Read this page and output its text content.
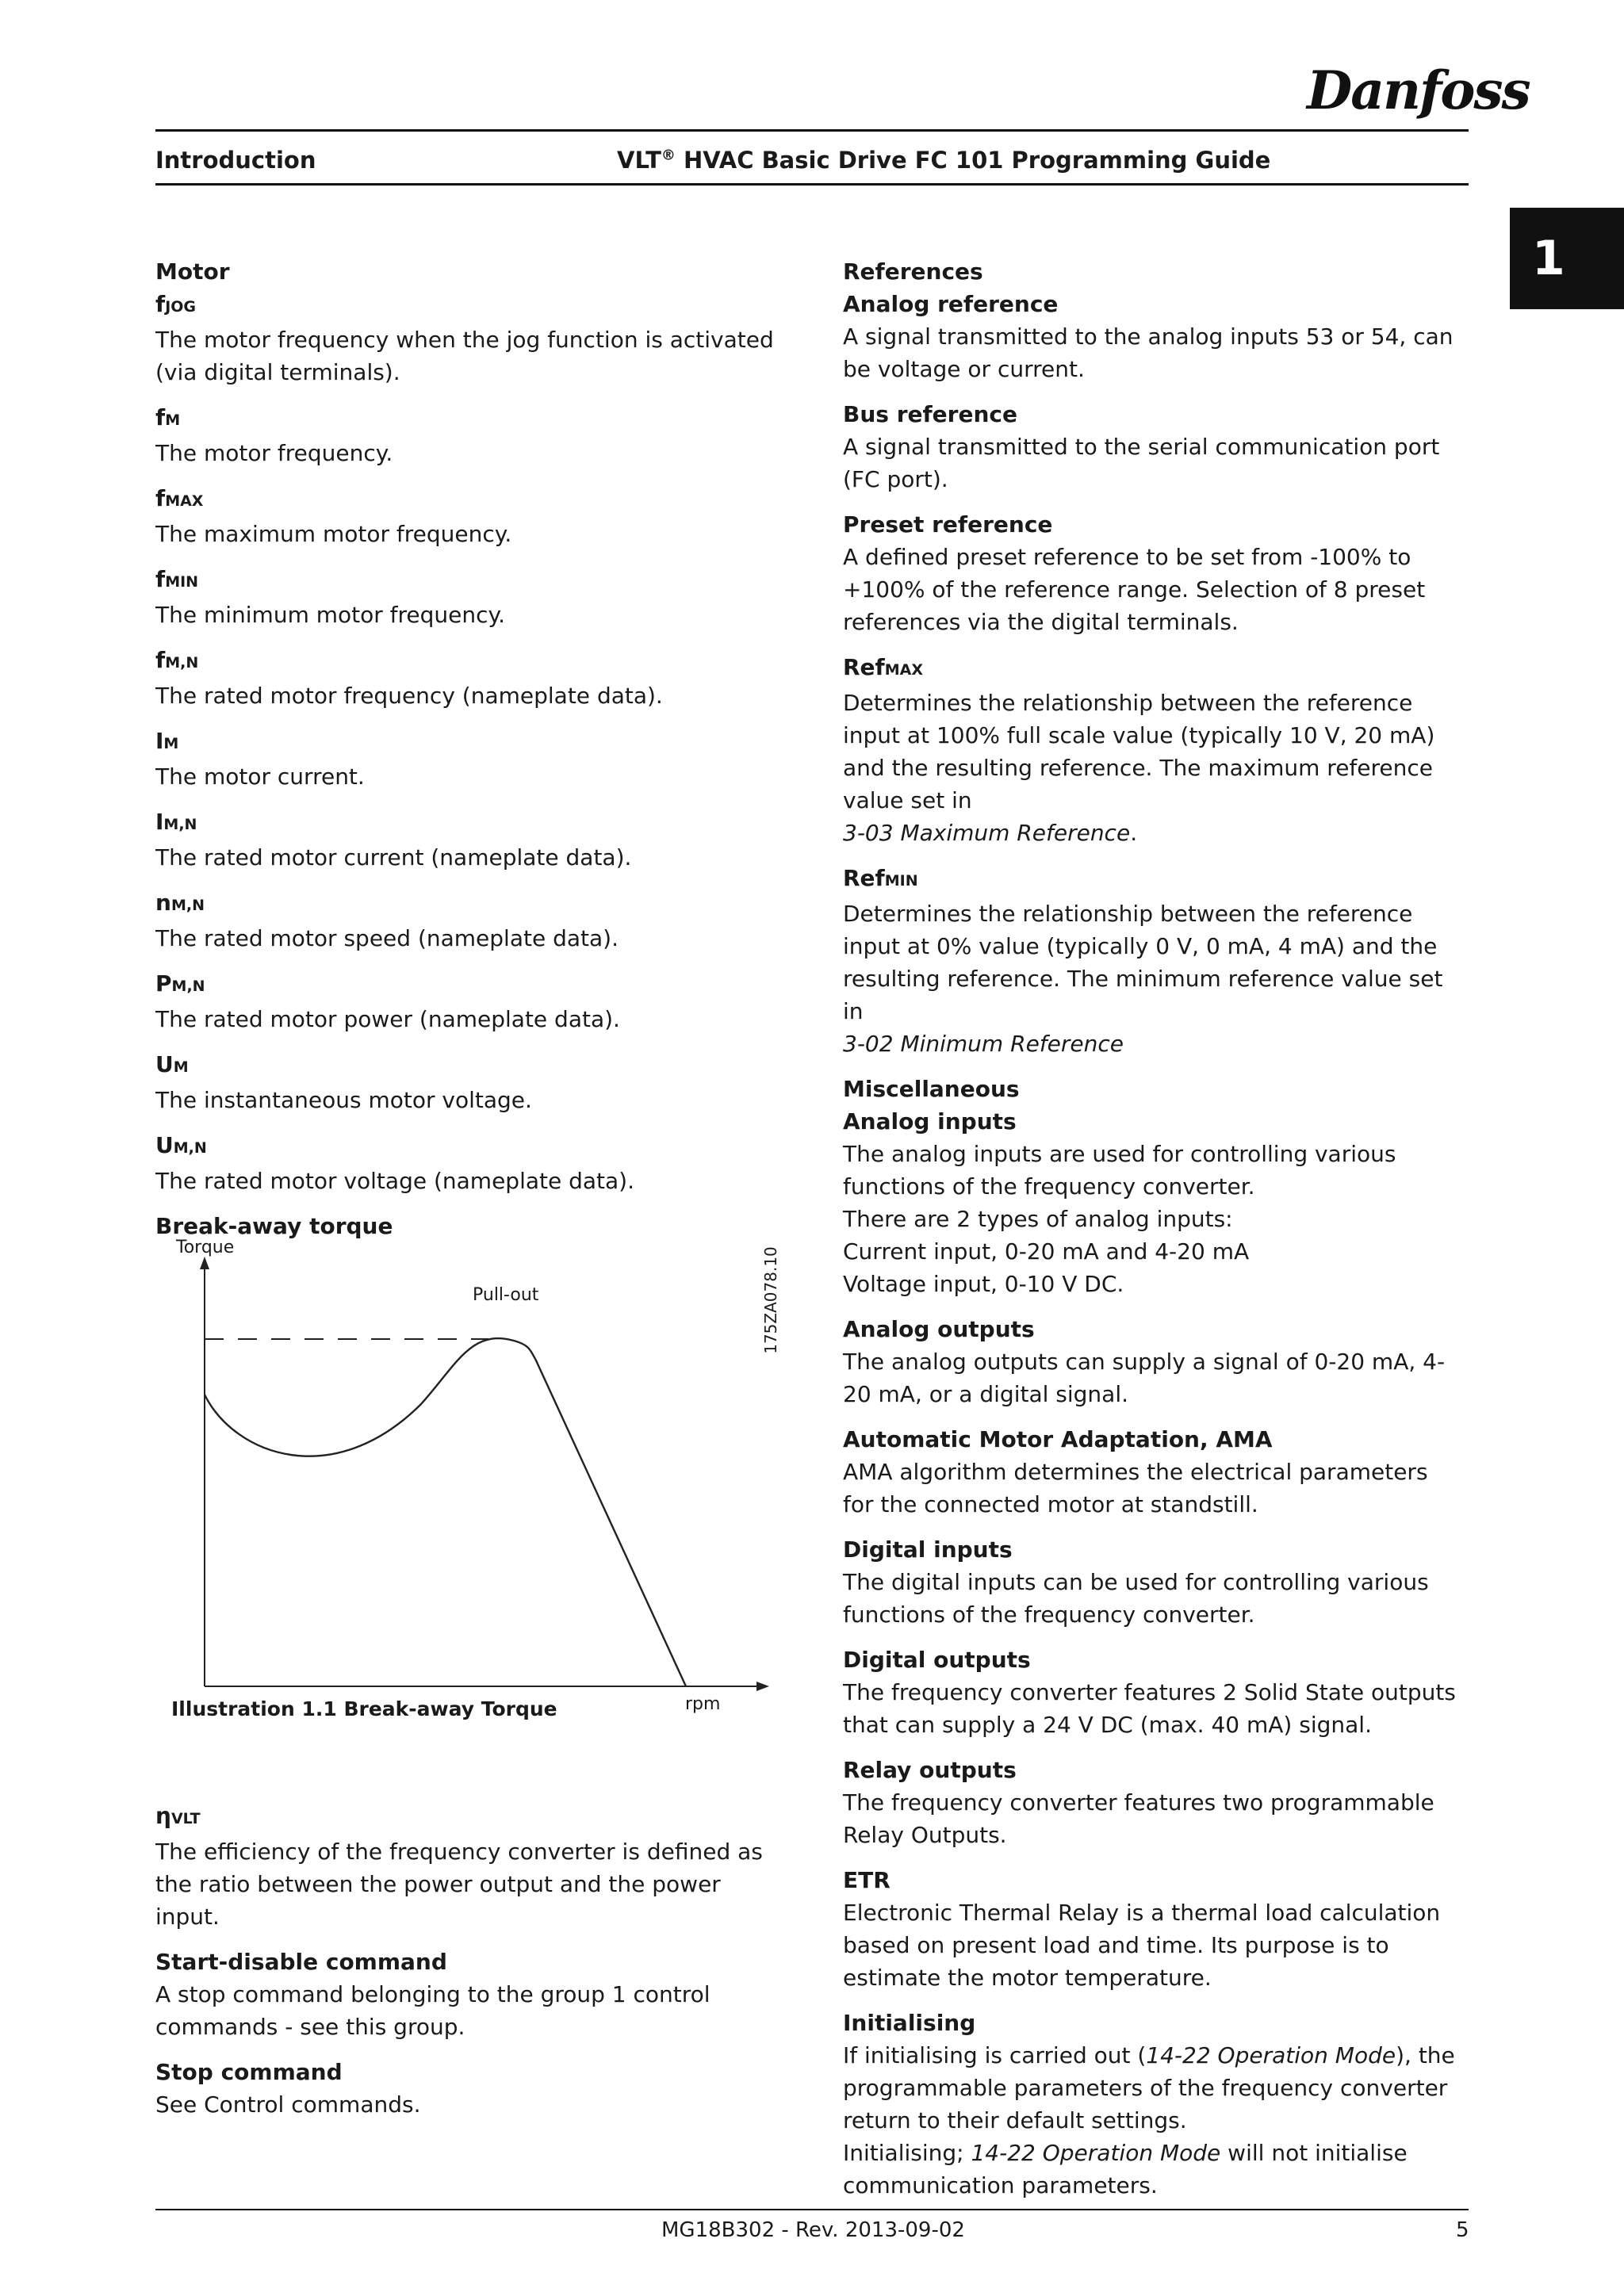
Danfoss
Introduction	VLT® HVAC Basic Drive FC 101 Programming Guide
1

Motor

fJOG

The motor frequency when the jog function is activated (via digital terminals).

fM

The motor frequency.

fMAX

The maximum motor frequency.

fMIN

The minimum motor frequency.

fM,N

The rated motor frequency (nameplate data).

IM

The motor current.

IM,N

The rated motor current (nameplate data).

nM,N

The rated motor speed (nameplate data).

PM,N

The rated motor power (nameplate data).

UM

The instantaneous motor voltage.

UM,N

The rated motor voltage (nameplate data).

Break-away torque

Torque
Pull-out
rpm
175ZA078.10
Illustration 1.1 Break-away Torque

ηVLT

The efficiency of the frequency converter is defined as the ratio between the power output and the power input.

Start-disable command

A stop command belonging to the group 1 control commands - see this group.

Stop command

See Control commands.

References

Analog reference

A signal transmitted to the analog inputs 53 or 54, can be voltage or current.

Bus reference

A signal transmitted to the serial communication port (FC port).

Preset reference

A defined preset reference to be set from -100% to +100% of the reference range. Selection of 8 preset references via the digital terminals.

RefMAX

Determines the relationship between the reference input at 100% full scale value (typically 10 V, 20 mA) and the resulting reference. The maximum reference value set in
3-03 Maximum Reference.

RefMIN

Determines the relationship between the reference input at 0% value (typically 0 V, 0 mA, 4 mA) and the resulting reference. The minimum reference value set in
3-02 Minimum Reference

Miscellaneous

Analog inputs

The analog inputs are used for controlling various functions of the frequency converter.

There are 2 types of analog inputs:

Current input, 0-20 mA and 4-20 mA

Voltage input, 0-10 V DC.

Analog outputs

The analog outputs can supply a signal of 0-20 mA, 4-20 mA, or a digital signal.

Automatic Motor Adaptation, AMA

AMA algorithm determines the electrical parameters for the connected motor at standstill.

Digital inputs

The digital inputs can be used for controlling various functions of the frequency converter.

Digital outputs

The frequency converter features 2 Solid State outputs that can supply a 24 V DC (max. 40 mA) signal.

Relay outputs

The frequency converter features two programmable Relay Outputs.

ETR

Electronic Thermal Relay is a thermal load calculation based on present load and time. Its purpose is to estimate the motor temperature.

Initialising

If initialising is carried out (14-22 Operation Mode), the programmable parameters of the frequency converter return to their default settings.

Initialising; 14-22 Operation Mode will not initialise communication parameters.

MG18B302 - Rev. 2013-09-02	5
